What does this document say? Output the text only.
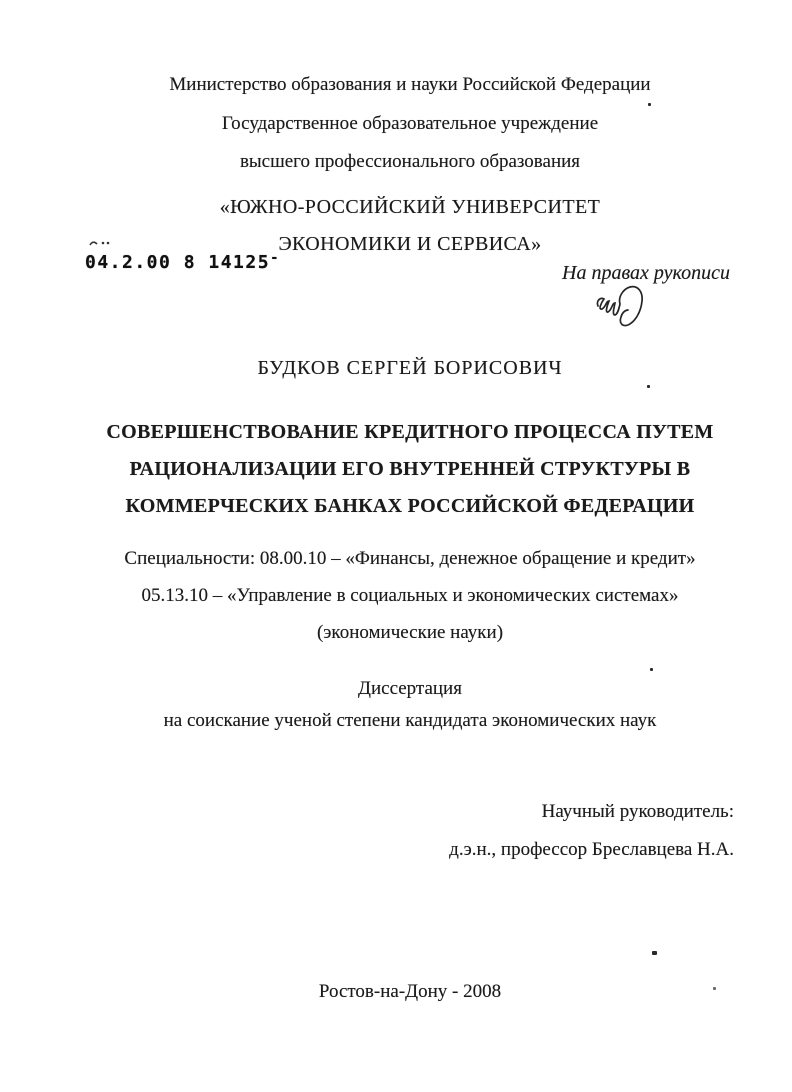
Министерство образования и науки Российской Федерации
Государственное образовательное учреждение
высшего профессионального образования
«ЮЖНО-РОССИЙСКИЙ УНИВЕРСИТЕТ
ЭКОНОМИКИ И СЕРВИСА»
04.2.00 8 14125-
На правах рукописи
БУДКОВ СЕРГЕЙ БОРИСОВИЧ
СОВЕРШЕНСТВОВАНИЕ КРЕДИТНОГО ПРОЦЕССА ПУТЕМ
РАЦИОНАЛИЗАЦИИ ЕГО ВНУТРЕННЕЙ СТРУКТУРЫ В
КОММЕРЧЕСКИХ БАНКАХ РОССИЙСКОЙ ФЕДЕРАЦИИ
Специальности: 08.00.10 – «Финансы, денежное обращение и кредит»
05.13.10 – «Управление в социальных и экономических системах»
(экономические науки)
Диссертация
на соискание ученой степени кандидата экономических наук
Научный руководитель:
д.э.н., профессор Бреславцева Н.А.
Ростов-на-Дону - 2008
